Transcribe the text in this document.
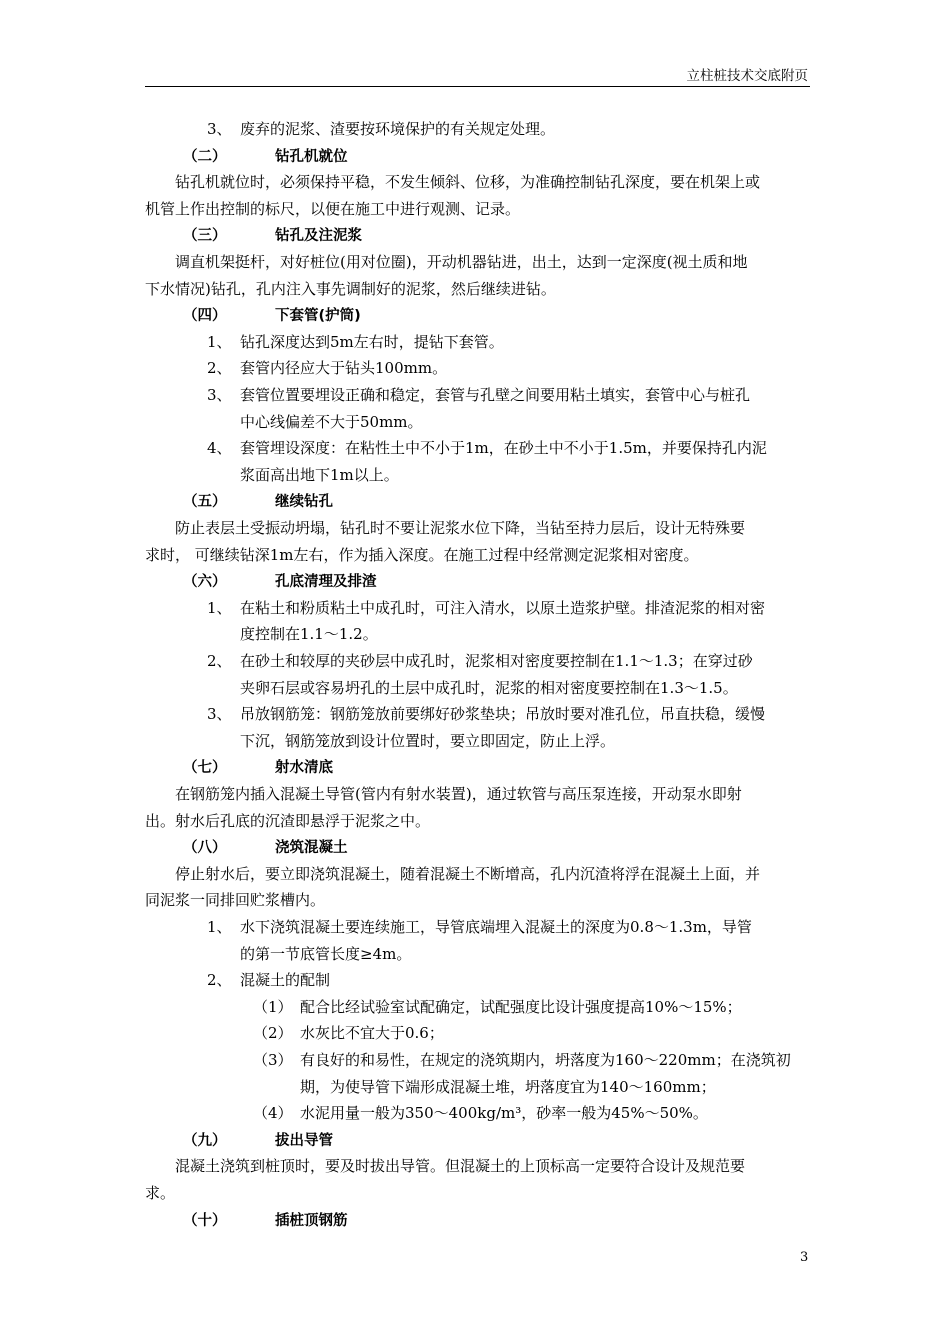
立柱桩技术交底附页
3、 废弃的泥浆、渣要按环境保护的有关规定处理。
（二）	钻孔机就位
钻孔机就位时，必须保持平稳，不发生倾斜、位移，为准确控制钻孔深度，要在机架上或
机管上作出控制的标尺，以便在施工中进行观测、记录。
（三）	钻孔及注泥浆
调直机架挺杆，对好桩位(用对位圈)，开动机器钻进，出土，达到一定深度(视土质和地
下水情况)钻孔，孔内注入事先调制好的泥浆，然后继续进钻。
（四）	下套管(护筒)
1、 钻孔深度达到5m左右时，提钻下套管。
2、 套管内径应大于钻头100mm。
3、 套管位置要埋设正确和稳定，套管与孔壁之间要用粘土填实，套管中心与桩孔
中心线偏差不大于50mm。
4、 套管埋设深度：在粘性土中不小于1m，在砂土中不小于1.5m，并要保持孔内泥
浆面高出地下1m以上。
（五）	继续钻孔
防止表层土受振动坍塌，钻孔时不要让泥浆水位下降，当钻至持力层后，设计无特殊要
求时， 可继续钻深1m左右，作为插入深度。在施工过程中经常测定泥浆相对密度。
（六）	孔底清理及排渣
1、 在粘土和粉质粘土中成孔时，可注入清水，以原土造浆护壁。排渣泥浆的相对密
度控制在1.1～1.2。
2、 在砂土和较厚的夹砂层中成孔时，泥浆相对密度要控制在1.1～1.3；在穿过砂
夹卵石层或容易坍孔的土层中成孔时，泥浆的相对密度要控制在1.3～1.5。
3、 吊放钢筋笼：钢筋笼放前要绑好砂浆垫块；吊放时要对准孔位，吊直扶稳，缓慢
下沉，钢筋笼放到设计位置时，要立即固定，防止上浮。
（七）	射水清底
在钢筋笼内插入混凝土导管(管内有射水装置)，通过软管与高压泵连接，开动泵水即射
出。射水后孔底的沉渣即悬浮于泥浆之中。
（八）	浇筑混凝土
停止射水后，要立即浇筑混凝土，随着混凝土不断增高，孔内沉渣将浮在混凝土上面，并
同泥浆一同排回贮浆槽内。
1、 水下浇筑混凝土要连续施工，导管底端埋入混凝土的深度为0.8～1.3m，导管
的第一节底管长度≥4m。
2、 混凝土的配制
（1） 配合比经试验室试配确定，试配强度比设计强度提高10%～15%；
（2） 水灰比不宜大于0.6；
（3） 有良好的和易性，在规定的浇筑期内，坍落度为160～220mm；在浇筑初
期，为使导管下端形成混凝土堆，坍落度宜为140～160mm；
（4） 水泥用量一般为350～400kg/m³，砂率一般为45%～50%。
（九）	拔出导管
混凝土浇筑到桩顶时，要及时拔出导管。但混凝土的上顶标高一定要符合设计及规范要
求。
（十）	插桩顶钢筋
3
